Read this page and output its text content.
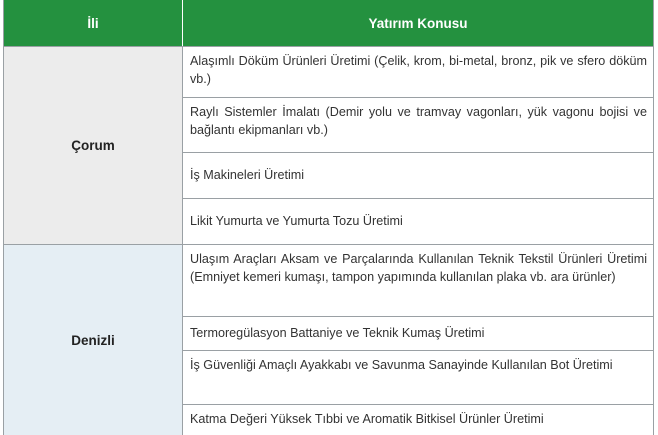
İli	Yatırım Konusu
Çorum
Alaşımlı Döküm Ürünleri Üretimi (Çelik, krom, bi-metal, bronz, pik ve sfero döküm vb.)
Raylı Sistemler İmalatı (Demir yolu ve tramvay vagonları, yük vagonu bojisi ve bağlantı ekipmanları vb.)
İş Makineleri Üretimi
Likit Yumurta ve Yumurta Tozu Üretimi
Denizli
Ulaşım Araçları Aksam ve Parçalarında Kullanılan Teknik Tekstil Ürünleri Üretimi (Emniyet kemeri kumaşı, tampon yapımında kullanılan plaka vb. ara ürünler)
Termoregülasyon Battaniye ve Teknik Kumaş Üretimi
İş Güvenliği Amaçlı Ayakkabı ve Savunma Sanayinde Kullanılan Bot Üretimi
Katma Değeri Yüksek Tıbbi ve Aromatik Bitkisel Ürünler Üretimi
